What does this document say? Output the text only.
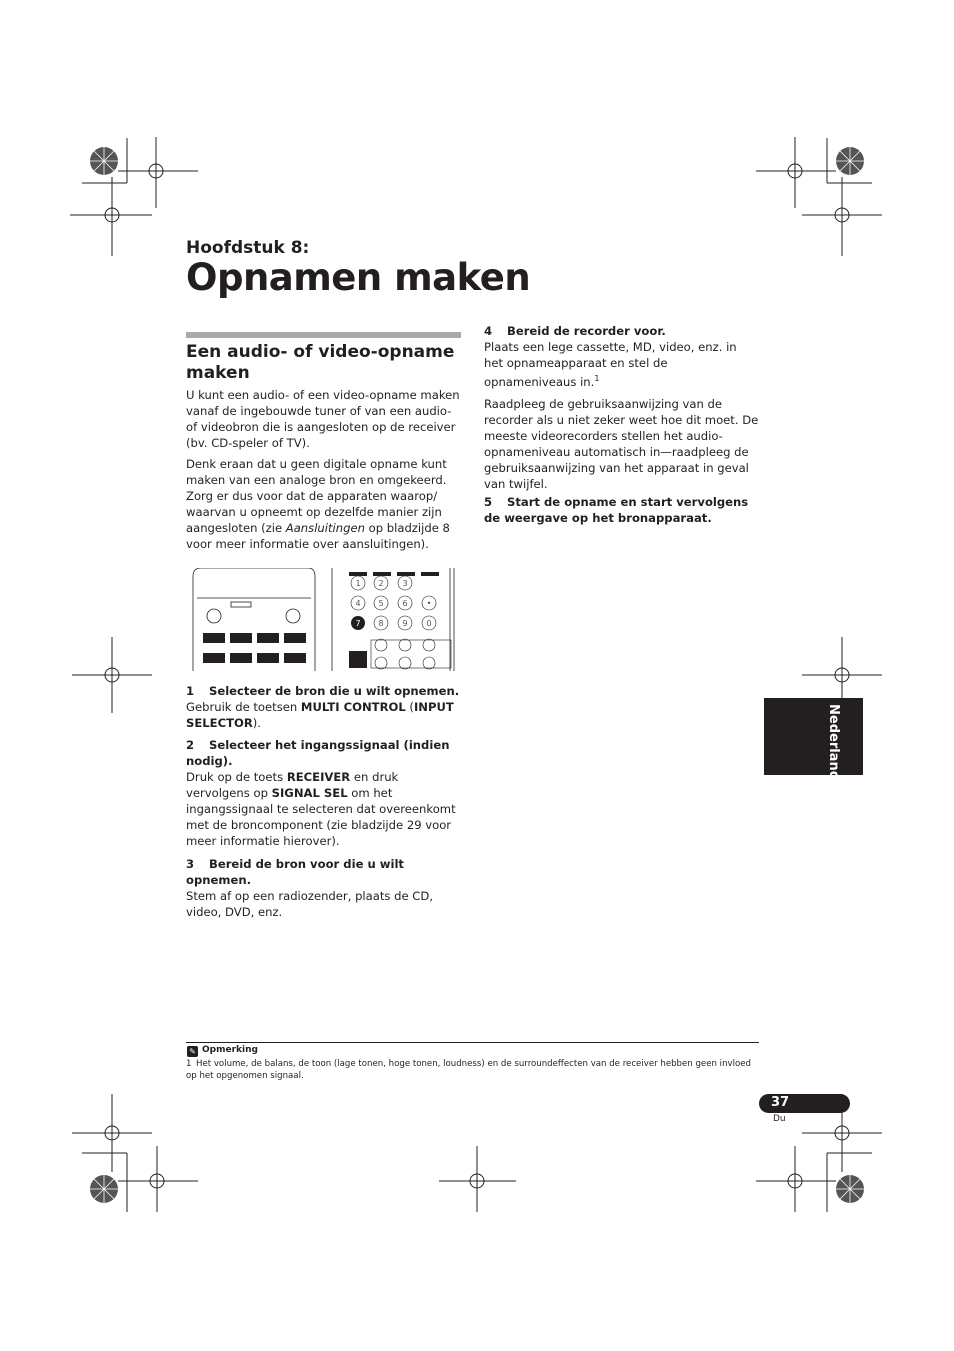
Hoofdstuk 8:
Opnamen maken
Een audio- of video-opname maken
U kunt een audio- of een video-opname maken vanaf de ingebouwde tuner of van een audio- of videobron die is aangesloten op de receiver (bv. CD-speler of TV).
Denk eraan dat u geen digitale opname kunt maken van een analoge bron en omgekeerd. Zorg er dus voor dat de apparaten waarop/ waarvan u opneemt op dezelfde manier zijn aangesloten (zie Aansluitingen op bladzijde 8 voor meer informatie over aansluitingen).
1 2 3
4 5 6 •
7 8 9 0

1 Selecteer de bron die u wilt opnemen.

Gebruik de toetsen MULTI CONTROL (INPUT SELECTOR).

2 Selecteer het ingangssignaal (indien nodig).

Druk op de toets RECEIVER en druk vervolgens op SIGNAL SEL om het ingangssignaal te selecteren dat overeenkomt met de broncomponent (zie bladzijde 29 voor meer informatie hierover).

3 Bereid de bron voor die u wilt opnemen.

Stem af op een radiozender, plaats de CD, video, DVD, enz.

4 Bereid de recorder voor.

Plaats een lege cassette, MD, video, enz. in het opnameapparaat en stel de opnameniveaus in.$^1$

Raadpleeg de gebruiksaanwijzing van de recorder als u niet zeker weet hoe dit moet. De meeste videorecorders stellen het audio-opnameniveau automatisch in—raadpleeg de gebruiksaanwijzing van het apparaat in geval van twijfel.

5 Start de opname en start vervolgens de weergave op het bronapparaat.

Nederlands
✎ Opmerking
1 Het volume, de balans, de toon (lage tonen, hoge tonen, loudness) en de surroundeffecten van de receiver hebben geen invloed op het opgenomen signaal.
37
Du
